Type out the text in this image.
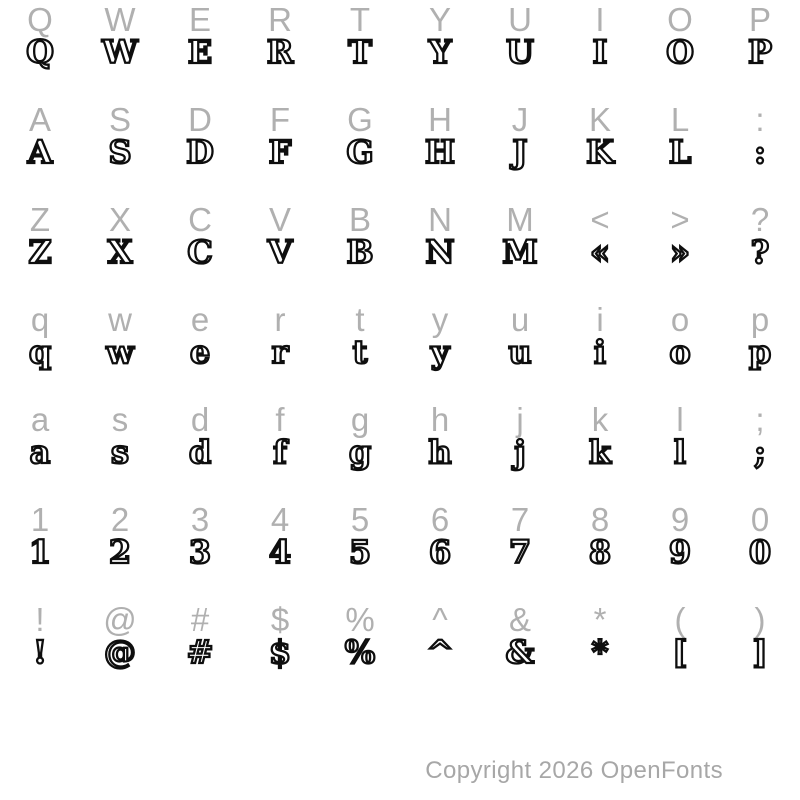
Q	W	E	R	T	Y	U	I	O	P
Q	W	E	R	T	Y	U	I	O	P
A	S	D	F	G	H	J	K	L	:
A	S	D	F	G	H	J	K	L	:
Z	X	C	V	B	N	M	<	>	?
Z	X	C	V	B	N	M	«	»	?
q	w	e	r	t	y	u	i	o	p
q	w	e	r	t	y	u	i	o	p
a	s	d	f	g	h	j	k	l	;
a	s	d	f	g	h	j	k	l	;
1	2	3	4	5	6	7	8	9	0
1	2	3	4	5	6	7	8	9	0
!	@	#	$	%	^	&	*	(	)
!	@	#	$	%	^	&	*	[	]
Copyright 2026 OpenFonts
